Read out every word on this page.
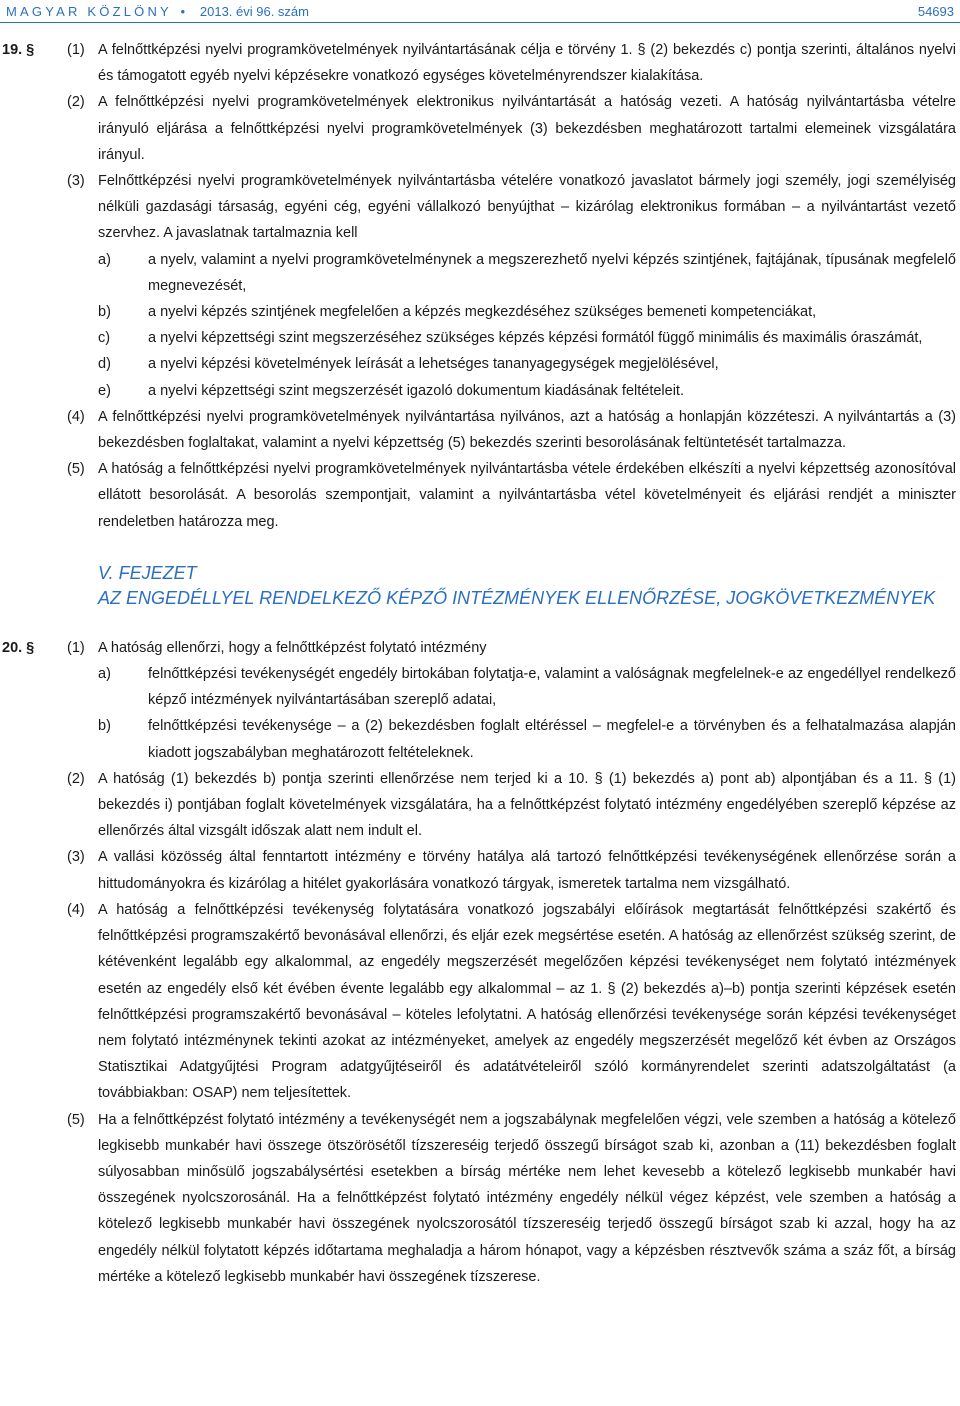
MAGYAR KÖZLÖNY • 2013. évi 96. szám	54693
19. § (1) A felnőttképzési nyelvi programkövetelmények nyilvántartásának célja e törvény 1. § (2) bekezdés c) pontja szerinti, általános nyelvi és támogatott egyéb nyelvi képzésekre vonatkozó egységes követelményrendszer kialakítása.
(2) A felnőttképzési nyelvi programkövetelmények elektronikus nyilvántartását a hatóság vezeti. A hatóság nyilvántartásba vételre irányuló eljárása a felnőttképzési nyelvi programkövetelmények (3) bekezdésben meghatározott tartalmi elemeinek vizsgálatára irányul.
(3) Felnőttképzési nyelvi programkövetelmények nyilvántartásba vételére vonatkozó javaslatot bármely jogi személy, jogi személyiség nélküli gazdasági társaság, egyéni cég, egyéni vállalkozó benyújthat – kizárólag elektronikus formában – a nyilvántartást vezető szervhez. A javaslatnak tartalmaznia kell
a)	a nyelv, valamint a nyelvi programkövetelménynek a megszerezhető nyelvi képzés szintjének, fajtájának, típusának megfelelő megnevezését,
b)	a nyelvi képzés szintjének megfelelően a képzés megkezdéséhez szükséges bemeneti kompetenciákat,
c)	a nyelvi képzettségi szint megszerzéséhez szükséges képzés képzési formától függő minimális és maximális óraszámát,
d)	a nyelvi képzési követelmények leírását a lehetséges tananyagegységek megjelölésével,
e)	a nyelvi képzettségi szint megszerzését igazoló dokumentum kiadásának feltételeit.
(4) A felnőttképzési nyelvi programkövetelmények nyilvántartása nyilvános, azt a hatóság a honlapján közzéteszi. A nyilvántartás a (3) bekezdésben foglaltakat, valamint a nyelvi képzettség (5) bekezdés szerinti besorolásának feltüntetését tartalmazza.
(5) A hatóság a felnőttképzési nyelvi programkövetelmények nyilvántartásba vétele érdekében elkészíti a nyelvi képzettség azonosítóval ellátott besorolását. A besorolás szempontjait, valamint a nyilvántartásba vétel követelményeit és eljárási rendjét a miniszter rendeletben határozza meg.
V. FEJEZET
AZ ENGEDÉLLYEL RENDELKEZŐ KÉPZŐ INTÉZMÉNYEK ELLENŐRZÉSE, JOGKÖVETKEZMÉNYEK
20. § (1) A hatóság ellenőrzi, hogy a felnőttképzést folytató intézmény
a)	felnőttképzési tevékenységét engedély birtokában folytatja-e, valamint a valóságnak megfelelnek-e az engedéllyel rendelkező képző intézmények nyilvántartásában szereplő adatai,
b)	felnőttképzési tevékenysége – a (2) bekezdésben foglalt eltéréssel – megfelel-e a törvényben és a felhatalmazása alapján kiadott jogszabályban meghatározott feltételeknek.
(2) A hatóság (1) bekezdés b) pontja szerinti ellenőrzése nem terjed ki a 10. § (1) bekezdés a) pont ab) alpontjában és a 11. § (1) bekezdés i) pontjában foglalt követelmények vizsgálatára, ha a felnőttképzést folytató intézmény engedélyében szereplő képzése az ellenőrzés által vizsgált időszak alatt nem indult el.
(3) A vallási közösség által fenntartott intézmény e törvény hatálya alá tartozó felnőttképzési tevékenységének ellenőrzése során a hittudományokra és kizárólag a hitélet gyakorlására vonatkozó tárgyak, ismeretek tartalma nem vizsgálható.
(4) A hatóság a felnőttképzési tevékenység folytatására vonatkozó jogszabályi előírások megtartását felnőttképzési szakértő és felnőttképzési programszakértő bevonásával ellenőrzi, és eljár ezek megsértése esetén. A hatóság az ellenőrzést szükség szerint, de kétévenként legalább egy alkalommal, az engedély megszerzését megelőzően képzési tevékenységet nem folytató intézmények esetén az engedély első két évében évente legalább egy alkalommal – az 1. § (2) bekezdés a)–b) pontja szerinti képzések esetén felnőttképzési programszakértő bevonásával – köteles lefolytatni. A hatóság ellenőrzési tevékenysége során képzési tevékenységet nem folytató intézménynek tekinti azokat az intézményeket, amelyek az engedély megszerzését megelőző két évben az Országos Statisztikai Adatgyűjtési Program adatgyűjtéseiről és adatátvételeiről szóló kormányrendelet szerinti adatszolgáltatást (a továbbiakban: OSAP) nem teljesítettek.
(5) Ha a felnőttképzést folytató intézmény a tevékenységét nem a jogszabálynak megfelelően végzi, vele szemben a hatóság a kötelező legkisebb munkabér havi összege ötszörösétől tízszereséig terjedő összegű bírságot szab ki, azonban a (11) bekezdésben foglalt súlyosabban minősülő jogszabálysértési esetekben a bírság mértéke nem lehet kevesebb a kötelező legkisebb munkabér havi összegének nyolcszorosánál. Ha a felnőttképzést folytató intézmény engedély nélkül végez képzést, vele szemben a hatóság a kötelező legkisebb munkabér havi összegének nyolcszorosától tízszereséig terjedő összegű bírságot szab ki azzal, hogy ha az engedély nélkül folytatott képzés időtartama meghaladja a három hónapot, vagy a képzésben résztvevők száma a száz főt, a bírság mértéke a kötelező legkisebb munkabér havi összegének tízszerese.
